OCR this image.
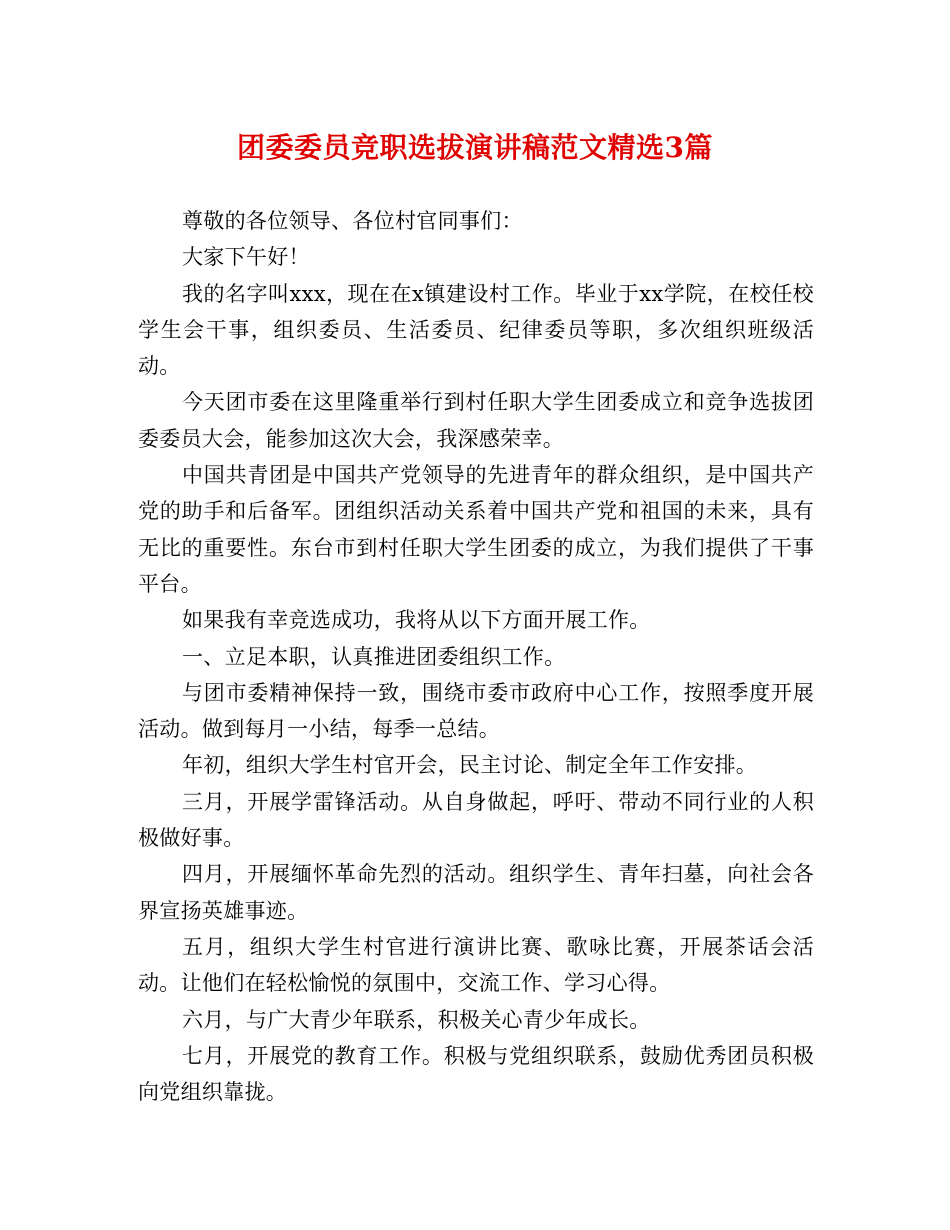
团委委员竞职选拔演讲稿范文精选3篇

尊敬的各位领导、各位村官同事们：

大家下午好！

我的名字叫xxx，现在在x镇建设村工作。毕业于xx学院，在校任校学生会干事，组织委员、生活委员、纪律委员等职，多次组织班级活动。

今天团市委在这里隆重举行到村任职大学生团委成立和竞争选拔团委委员大会，能参加这次大会，我深感荣幸。

中国共青团是中国共产党领导的先进青年的群众组织，是中国共产党的助手和后备军。团组织活动关系着中国共产党和祖国的未来，具有无比的重要性。东台市到村任职大学生团委的成立，为我们提供了干事平台。

如果我有幸竞选成功，我将从以下方面开展工作。

一、立足本职，认真推进团委组织工作。

与团市委精神保持一致，围绕市委市政府中心工作，按照季度开展活动。做到每月一小结，每季一总结。

年初，组织大学生村官开会，民主讨论、制定全年工作安排。

三月，开展学雷锋活动。从自身做起，呼吁、带动不同行业的人积极做好事。

四月，开展缅怀革命先烈的活动。组织学生、青年扫墓，向社会各界宣扬英雄事迹。

五月，组织大学生村官进行演讲比赛、歌咏比赛，开展茶话会活动。让他们在轻松愉悦的氛围中，交流工作、学习心得。

六月，与广大青少年联系，积极关心青少年成长。

七月，开展党的教育工作。积极与党组织联系，鼓励优秀团员积极向党组织靠拢。
